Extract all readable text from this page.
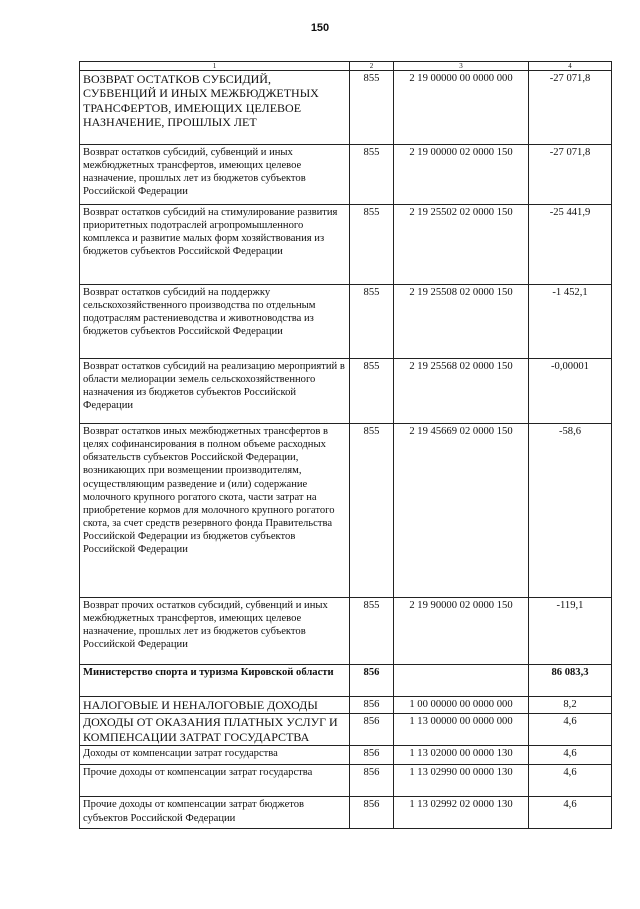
150
1	2	3	4
ВОЗВРАТ ОСТАТКОВ СУБСИДИЙ, СУБВЕНЦИЙ И ИНЫХ МЕЖБЮДЖЕТНЫХ ТРАНСФЕРТОВ, ИМЕЮЩИХ ЦЕЛЕВОЕ НАЗНАЧЕНИЕ, ПРОШЛЫХ ЛЕТ	855	2 19 00000 00 0000 000	-27 071,8
Возврат остатков субсидий, субвенций и иных межбюджетных трансфертов, имеющих целевое назначение, прошлых лет из бюджетов субъектов Российской Федерации	855	2 19 00000 02 0000 150	-27 071,8
Возврат остатков субсидий на стимулирование развития приоритетных подотраслей агропромышленного комплекса и развитие малых форм хозяйствования из бюджетов субъектов Российской Федерации	855	2 19 25502 02 0000 150	-25 441,9
Возврат остатков субсидий на поддержку сельскохозяйственного производства по отдельным подотраслям растениеводства и животноводства из бюджетов субъектов Российской Федерации	855	2 19 25508 02 0000 150	-1 452,1
Возврат остатков субсидий на реализацию мероприятий в области мелиорации земель сельскохозяйственного назначения из бюджетов субъектов Российской Федерации	855	2 19 25568 02 0000 150	-0,00001
Возврат остатков иных межбюджетных трансфертов в целях софинансирования в полном объеме расходных обязательств субъектов Российской Федерации, возникающих при возмещении производителям, осуществляющим разведение и (или) содержание молочного крупного рогатого скота, части затрат на приобретение кормов для молочного крупного рогатого скота, за счет средств резервного фонда Правительства Российской Федерации из бюджетов субъектов Российской Федерации	855	2 19 45669 02 0000 150	-58,6
Возврат прочих остатков субсидий, субвенций и иных межбюджетных трансфертов, имеющих целевое назначение, прошлых лет из бюджетов субъектов Российской Федерации	855	2 19 90000 02 0000 150	-119,1
Министерство спорта и туризма Кировской области	856		86 083,3
НАЛОГОВЫЕ И НЕНАЛОГОВЫЕ ДОХОДЫ	856	1 00 00000 00 0000 000	8,2
ДОХОДЫ ОТ ОКАЗАНИЯ ПЛАТНЫХ УСЛУГ И КОМПЕНСАЦИИ ЗАТРАТ ГОСУДАРСТВА	856	1 13 00000 00 0000 000	4,6
Доходы от компенсации затрат государства	856	1 13 02000 00 0000 130	4,6
Прочие доходы от компенсации затрат государства	856	1 13 02990 00 0000 130	4,6
Прочие доходы от компенсации затрат бюджетов субъектов Российской Федерации	856	1 13 02992 02 0000 130	4,6
